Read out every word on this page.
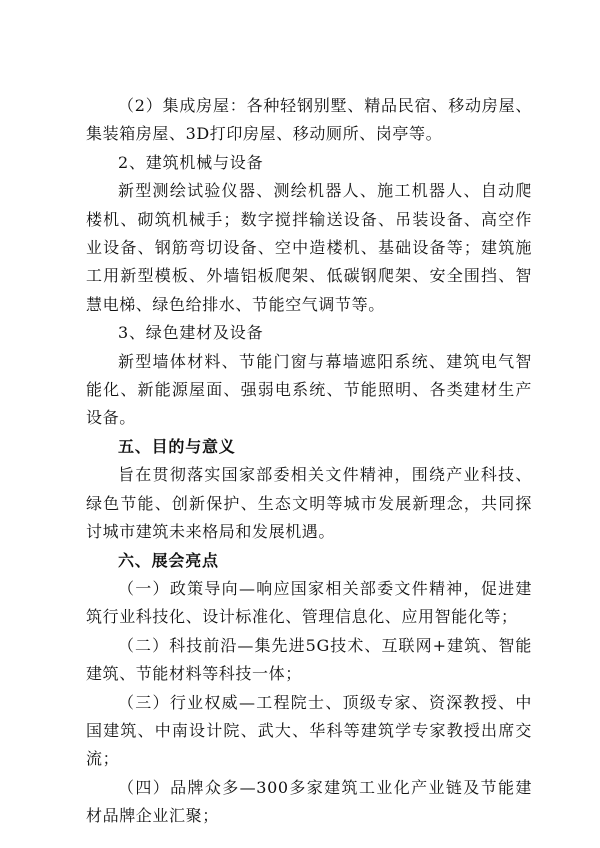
（2）集成房屋：各种轻钢别墅、精品民宿、移动房屋、集装箱房屋、3D打印房屋、移动厕所、岗亭等。

2、建筑机械与设备

新型测绘试验仪器、测绘机器人、施工机器人、自动爬楼机、砌筑机械手；数字搅拌输送设备、吊装设备、高空作业设备、钢筋弯切设备、空中造楼机、基础设备等；建筑施工用新型模板、外墙铝板爬架、低碳钢爬架、安全围挡、智慧电梯、绿色给排水、节能空气调节等。

3、绿色建材及设备

新型墙体材料、节能门窗与幕墙遮阳系统、建筑电气智能化、新能源屋面、强弱电系统、节能照明、各类建材生产设备。

五、目的与意义

旨在贯彻落实国家部委相关文件精神，围绕产业科技、绿色节能、创新保护、生态文明等城市发展新理念，共同探讨城市建筑未来格局和发展机遇。

六、展会亮点

（一）政策导向—响应国家相关部委文件精神，促进建筑行业科技化、设计标准化、管理信息化、应用智能化等；

（二）科技前沿—集先进5G技术、互联网+建筑、智能建筑、节能材料等科技一体；

（三）行业权威—工程院士、顶级专家、资深教授、中国建筑、中南设计院、武大、华科等建筑学专家教授出席交流；

（四）品牌众多—300多家建筑工业化产业链及节能建材品牌企业汇聚；
